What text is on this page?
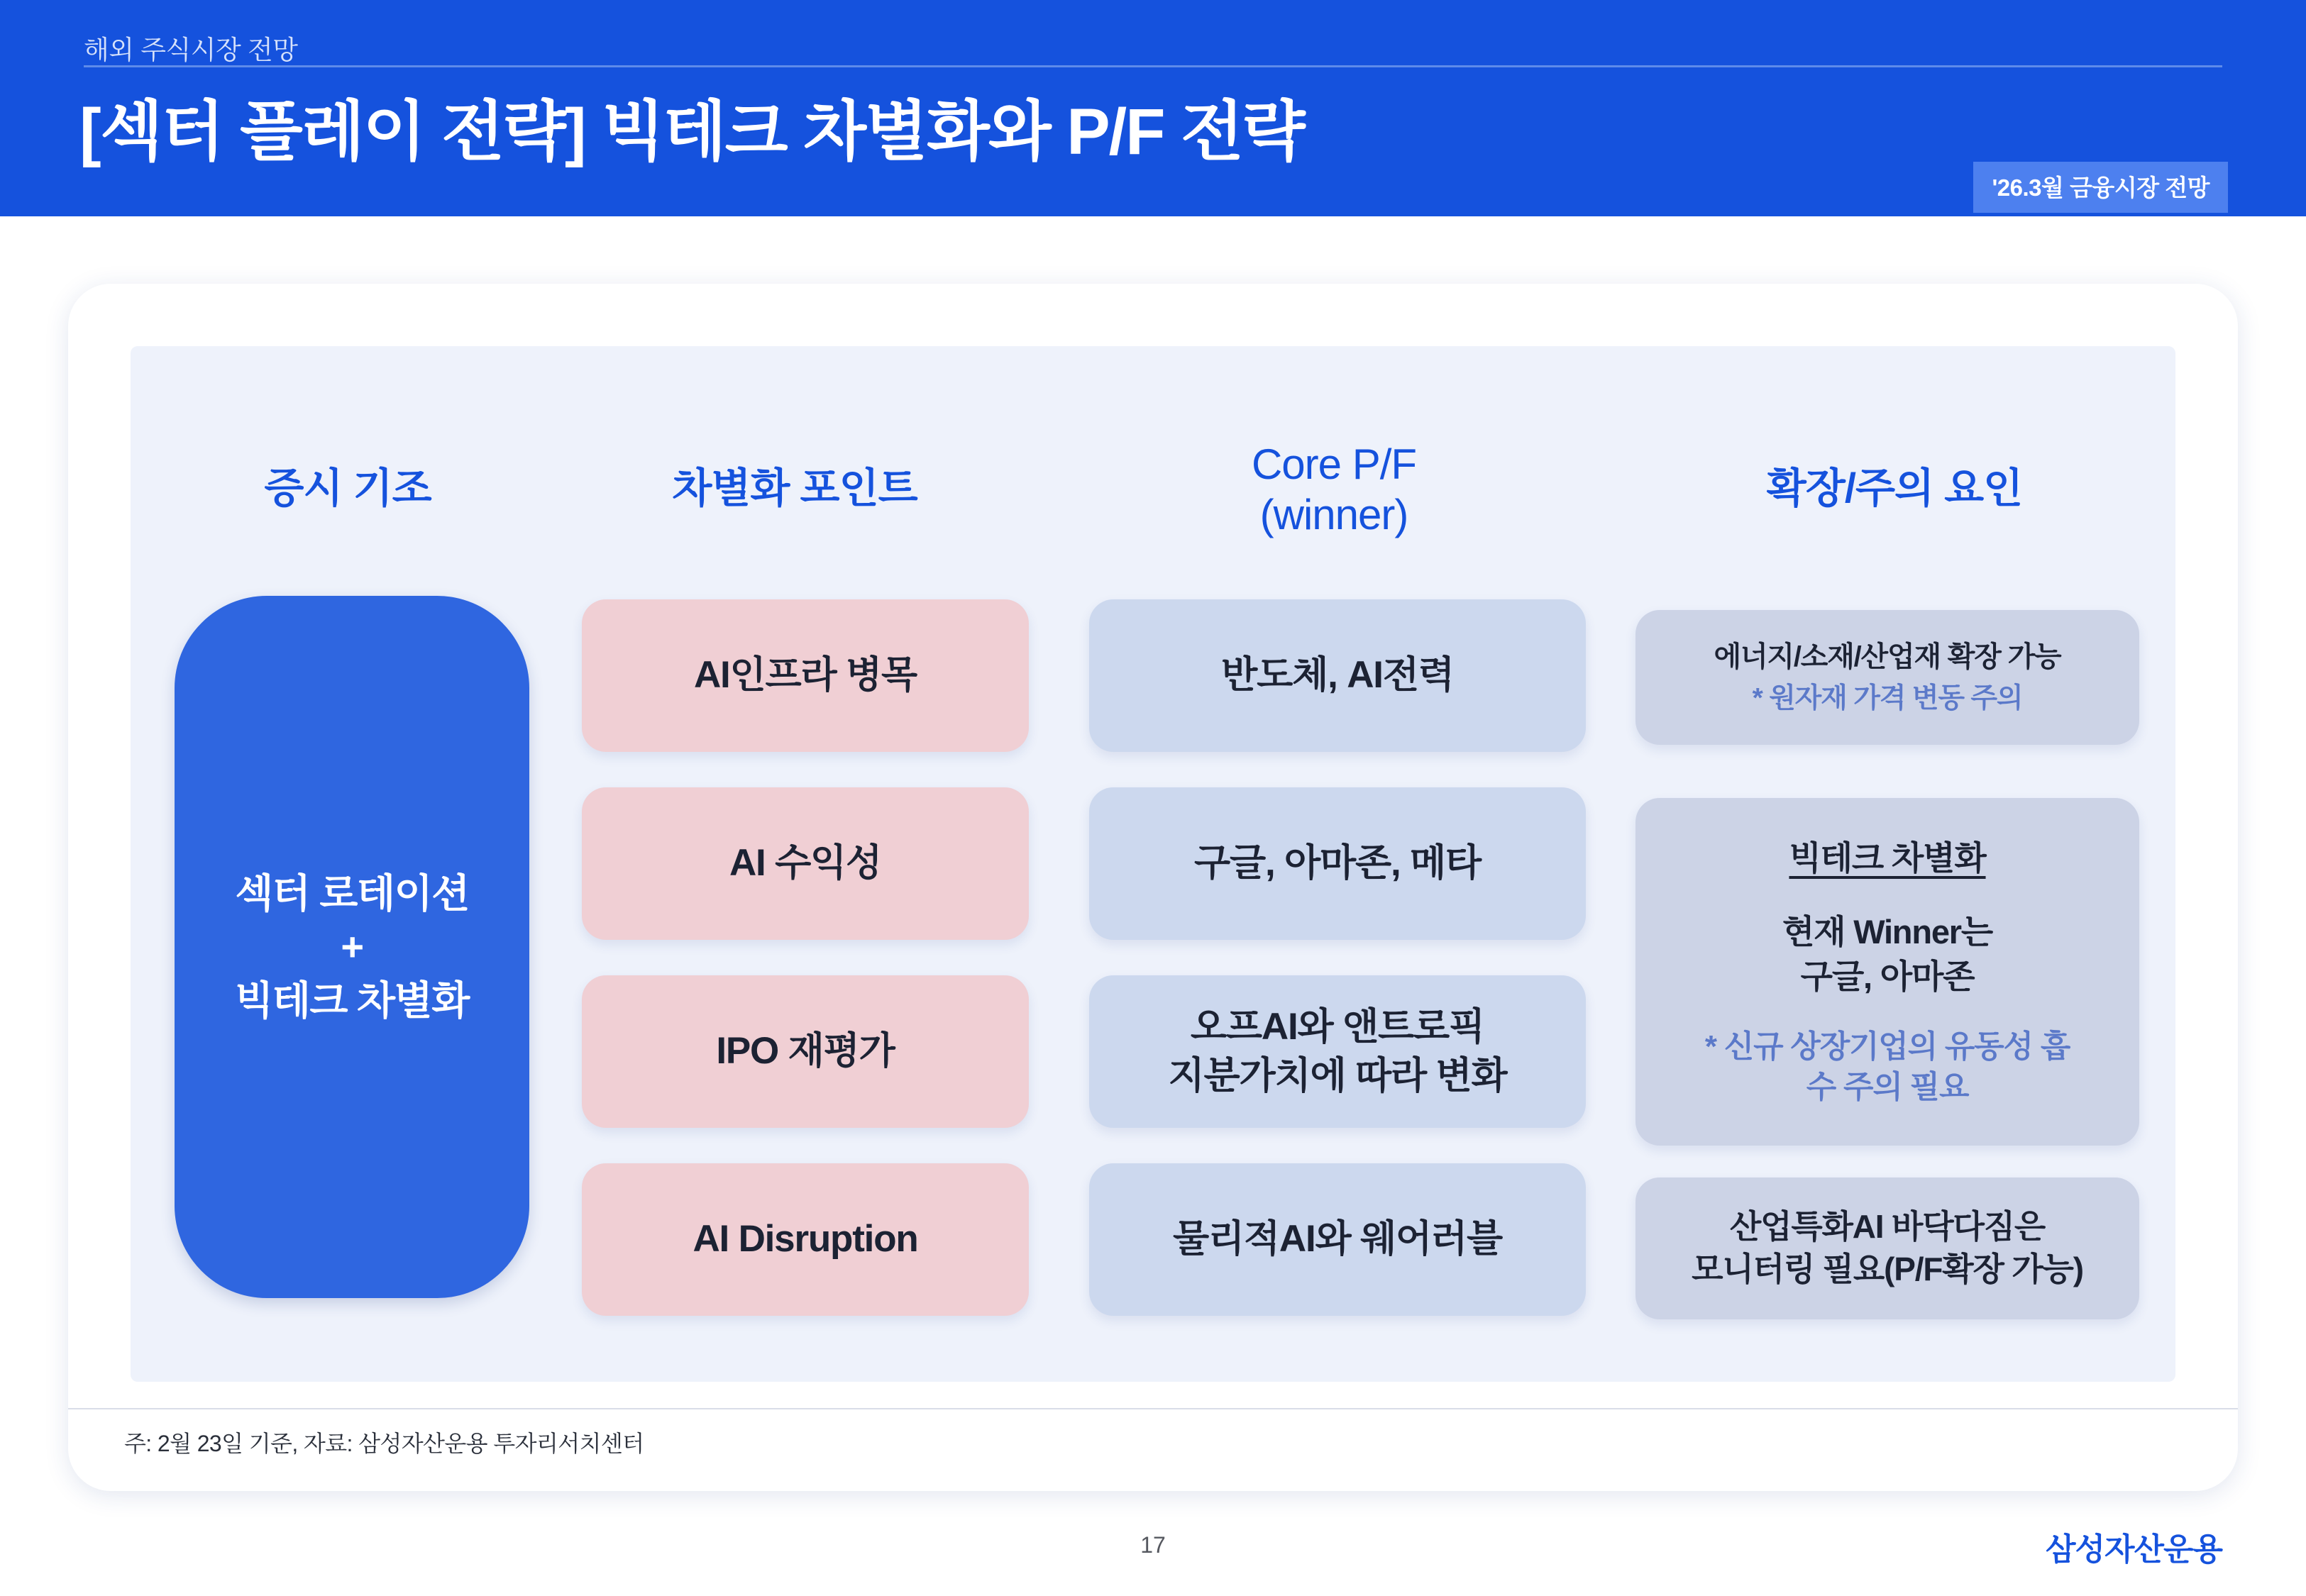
해외 주식시장 전망
[섹터 플레이 전략] 빅테크 차별화와 P/F 전략
'26.3월 금융시장 전망
증시 기조	차별화 포인트
Core P/F
(winner)
확장/주의 요인
섹터 로테이션
+
빅테크 차별화
AI인프라 병목
AI 수익성
IPO 재평가
AI Disruption
반도체, AI전력
구글, 아마존, 메타
오프AI와 앤트로픽
지분가치에 따라 변화
물리적AI와 웨어러블
에너지/소재/산업재 확장 가능
* 원자재 가격 변동 주의
빅테크 차별화
현재 Winner는
구글, 아마존
* 신규 상장기업의 유동성 흡
수 주의 필요
산업특화AI 바닥다짐은
모니터링 필요(P/F확장 가능)
주: 2월 23일 기준, 자료: 삼성자산운용 투자리서치센터
17	삼성자산운용
